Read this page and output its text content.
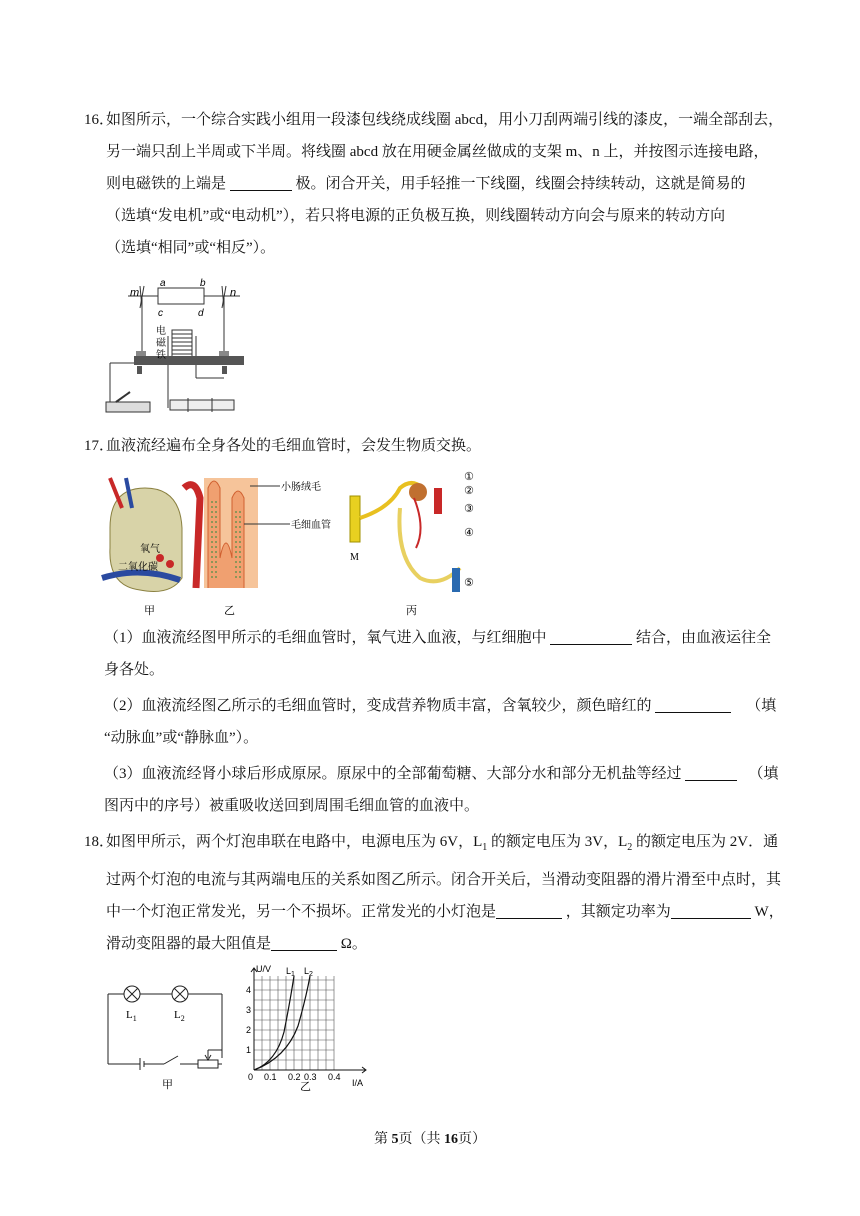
16．如图所示，一个综合实践小组用一段漆包线绕成线圈 abcd，用小刀刮两端引线的漆皮，一端全部刮去，
另一端只刮上半周或下半周。将线圈 abcd 放在用硬金属丝做成的支架 m、n 上，并按图示连接电路，
则电磁铁的上端是	极。闭合开关，用手轻推一下线圈，线圈会持续转动，这就是简易的
（选填“发电机”或“电动机”），若只将电源的正负极互换，则线圈转动方向会与原来的转动方向
（选填“相同”或“相反”）。
m	n
a	b
c	d
电
磁
铁
17．血液流经遍布全身各处的毛细血管时，会发生物质交换。
氧气
二氧化碳
甲
小肠绒毛
毛细血管
乙
M
①
②
③
④
⑤
丙
（1）血液流经图甲所示的毛细血管时，氧气进入血液，与红细胞中	结合，由血液运往全
身各处。
（2）血液流经图乙所示的毛细血管时，变成营养物质丰富，含氧较少，颜色暗红的	（填
“动脉血”或“静脉血”）。
（3）血液流经肾小球后形成原尿。原尿中的全部葡萄糖、大部分水和部分无机盐等经过	（填
图丙中的序号）被重吸收送回到周围毛细血管的血液中。
18．如图甲所示，两个灯泡串联在电路中，电源电压为 6V，$L_1$ 的额定电压为 3V，$L_2$ 的额定电压为 2V．通
过两个灯泡的电流与其两端电压的关系如图乙所示。闭合开关后，当滑动变阻器的滑片滑至中点时，其
中一个灯泡正常发光，另一个不损坏。正常发光的小灯泡是	，其额定功率为	W，
滑动变阻器的最大阻值是	Ω。
$L_1$	$L_2$
甲
U/V
I/A
$L_1$ $L_2$
0 0.1 0.2 0.3 0.4
1
2
3
4
乙
第 5页（共 16页）
